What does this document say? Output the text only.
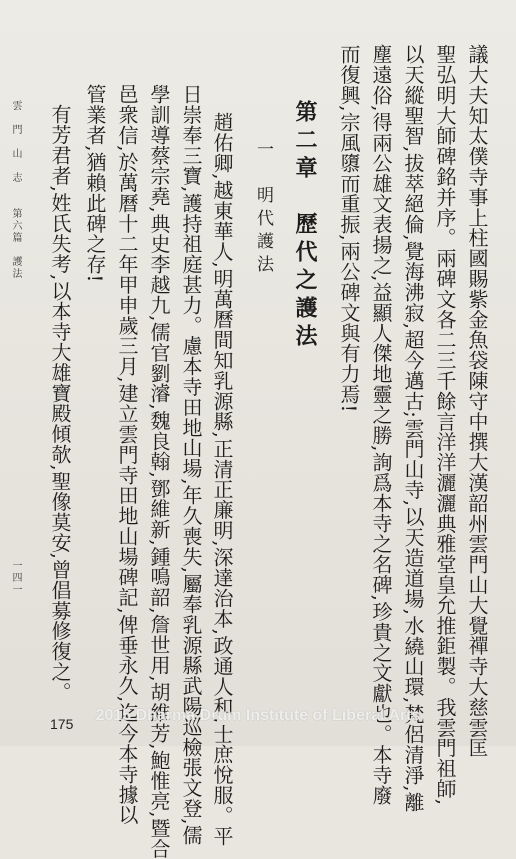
議大夫知太僕寺事上柱國賜紫金魚袋陳守中撰大漢韶州雲門山大覺禪寺大慈雲匡
聖弘明大師碑銘并序。兩碑文各二三千餘言洋洋灑灑典雅堂皇允推鉅製。我雲門祖師,
以天縱聖智,拔萃絕倫,覺海沸寂,超今邁古;雲門山寺,以天造道場,水繞山環,梵侶清淨,離
塵遠俗,得兩公雄文表揚之,益顯人傑地靈之勝,詢爲本寺之名碑,珍貴之文獻也。本寺廢
而復興,宗風隳而重振,兩公碑文與有力焉!
第二章　歷代之護法
一　明代護法
趙佑卿,越東華人,明萬曆間知乳源縣,正清正廉明,深達治本,政通人和,士庶悅服。平
日崇奉三寶,護持祖庭甚力。慮本寺田地山場,年久喪失,屬奉乳源縣武陽巡檢張文登,儒
學訓導蔡宗堯,典史李越九,儒官劉濬,魏良翰,鄧維新,鍾鳴韶,詹世用,胡維芳,鮑惟亮,暨合
邑衆信,於萬曆十二年甲申歲三月,建立雲門寺田地山場碑記,俾垂永久,迄今本寺據以
管業者,猶賴此碑之存!
有芳君者,姓氏失考,以本寺大雄寶殿傾欹,聖像莫安,曾倡募修復之。
雲　門　山　志　　第六篇　護法
一四一
175	2015 Dharma Drum Institute of Liberal Arts
